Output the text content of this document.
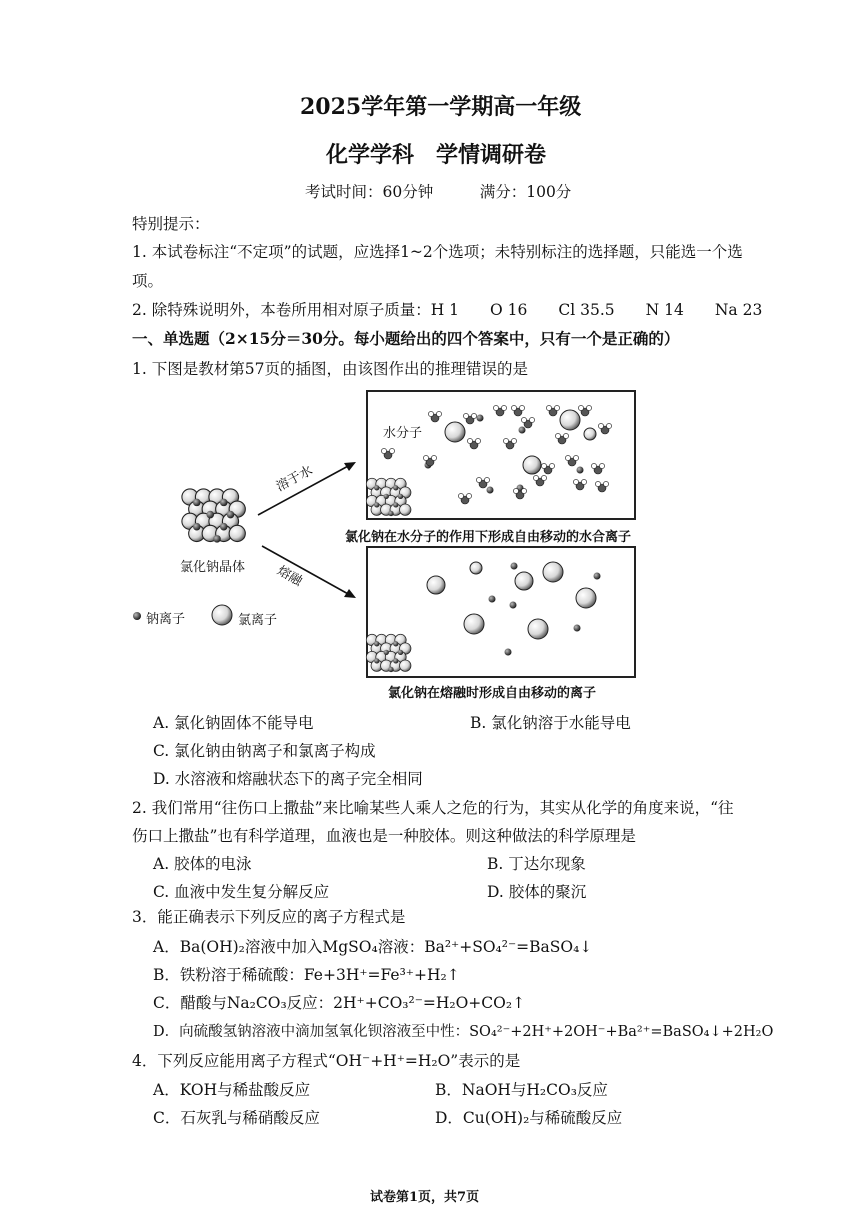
2025学年第一学期高一年级
化学学科　学情调研卷
考试时间：60分钟　　　满分：100分
特别提示：
1. 本试卷标注“不定项”的试题，应选择1~2个选项；未特别标注的选择题，只能选一个选
项。
2. 除特殊说明外，本卷所用相对原子质量：H 1　　O 16　　Cl 35.5　　N 14　　Na 23
一、单选题（2×15分＝30分。每小题给出的四个答案中，只有一个是正确的）
1. 下图是教材第57页的插图，由该图作出的推理错误的是
水分子
溶于水
熔融
氯化钠晶体
钠离子	氯离子
氯化钠在水分子的作用下形成自由移动的水合离子
氯化钠在熔融时形成自由移动的离子
A. 氯化钠固体不能导电	B. 氯化钠溶于水能导电
C. 氯化钠由钠离子和氯离子构成
D. 水溶液和熔融状态下的离子完全相同
2. 我们常用“往伤口上撒盐”来比喻某些人乘人之危的行为，其实从化学的角度来说，“往
伤口上撒盐”也有科学道理，血液也是一种胶体。则这种做法的科学原理是
A. 胶体的电泳	B. 丁达尔现象
C. 血液中发生复分解反应	D. 胶体的聚沉
3．能正确表示下列反应的离子方程式是
A．Ba(OH)₂溶液中加入MgSO₄溶液：Ba²⁺+SO₄²⁻=BaSO₄↓
B．铁粉溶于稀硫酸：Fe+3H⁺=Fe³⁺+H₂↑
C．醋酸与Na₂CO₃反应：2H⁺+CO₃²⁻=H₂O+CO₂↑
D．向硫酸氢钠溶液中滴加氢氧化钡溶液至中性：SO₄²⁻+2H⁺+2OH⁻+Ba²⁺=BaSO₄↓+2H₂O
4．下列反应能用离子方程式“OH⁻+H⁺=H₂O”表示的是
A．KOH与稀盐酸反应	B．NaOH与H₂CO₃反应
C．石灰乳与稀硝酸反应	D．Cu(OH)₂与稀硫酸反应
试卷第1页，共7页
